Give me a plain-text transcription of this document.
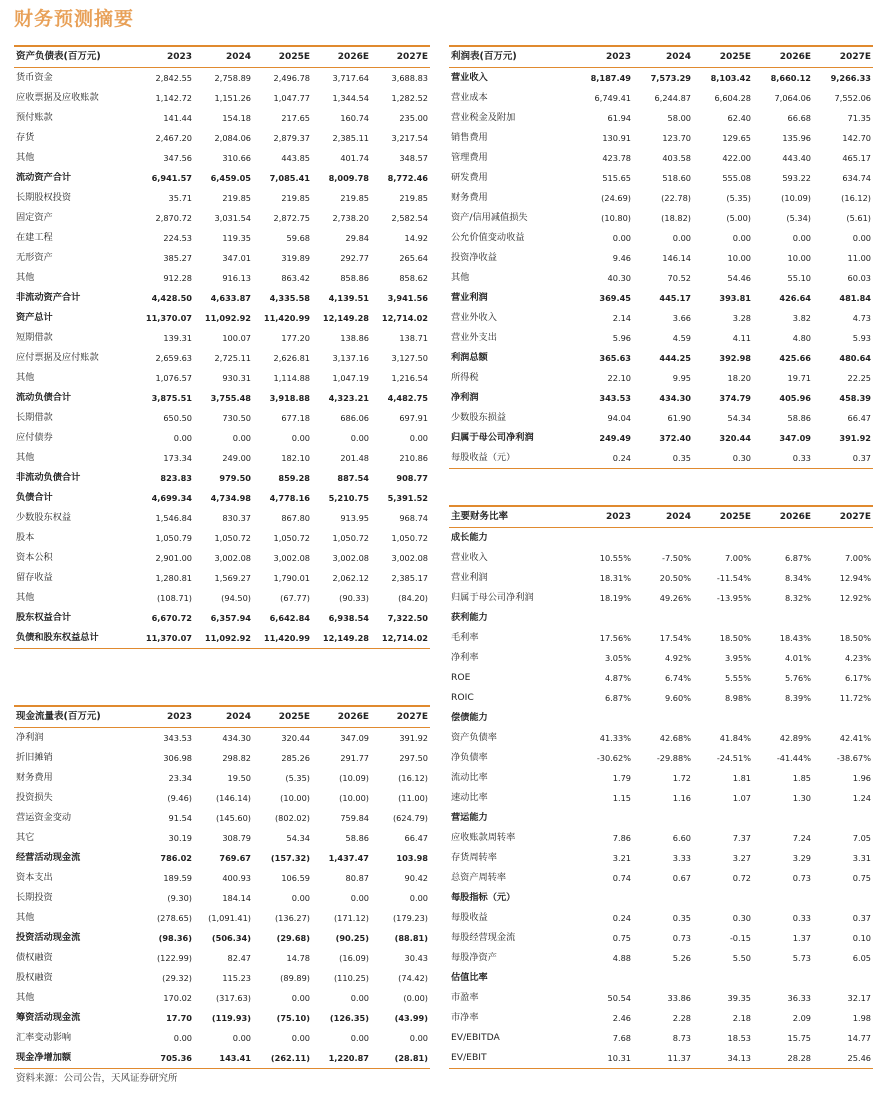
财务预测摘要
资产负债表(百万元)	2023	2024	2025E	2026E	2027E
货币资金	2,842.55	2,758.89	2,496.78	3,717.64	3,688.83
应收票据及应收账款	1,142.72	1,151.26	1,047.77	1,344.54	1,282.52
预付账款	141.44	154.18	217.65	160.74	235.00
存货	2,467.20	2,084.06	2,879.37	2,385.11	3,217.54
其他	347.56	310.66	443.85	401.74	348.57
流动资产合计	6,941.57	6,459.05	7,085.41	8,009.78	8,772.46
长期股权投资	35.71	219.85	219.85	219.85	219.85
固定资产	2,870.72	3,031.54	2,872.75	2,738.20	2,582.54
在建工程	224.53	119.35	59.68	29.84	14.92
无形资产	385.27	347.01	319.89	292.77	265.64
其他	912.28	916.13	863.42	858.86	858.62
非流动资产合计	4,428.50	4,633.87	4,335.58	4,139.51	3,941.56
资产总计	11,370.07	11,092.92	11,420.99	12,149.28	12,714.02
短期借款	139.31	100.07	177.20	138.86	138.71
应付票据及应付账款	2,659.63	2,725.11	2,626.81	3,137.16	3,127.50
其他	1,076.57	930.31	1,114.88	1,047.19	1,216.54
流动负债合计	3,875.51	3,755.48	3,918.88	4,323.21	4,482.75
长期借款	650.50	730.50	677.18	686.06	697.91
应付债券	0.00	0.00	0.00	0.00	0.00
其他	173.34	249.00	182.10	201.48	210.86
非流动负债合计	823.83	979.50	859.28	887.54	908.77
负债合计	4,699.34	4,734.98	4,778.16	5,210.75	5,391.52
少数股东权益	1,546.84	830.37	867.80	913.95	968.74
股本	1,050.79	1,050.72	1,050.72	1,050.72	1,050.72
资本公积	2,901.00	3,002.08	3,002.08	3,002.08	3,002.08
留存收益	1,280.81	1,569.27	1,790.01	2,062.12	2,385.17
其他	(108.71)	(94.50)	(67.77)	(90.33)	(84.20)
股东权益合计	6,670.72	6,357.94	6,642.84	6,938.54	7,322.50
负债和股东权益总计	11,370.07	11,092.92	11,420.99	12,149.28	12,714.02
利润表(百万元)	2023	2024	2025E	2026E	2027E
营业收入	8,187.49	7,573.29	8,103.42	8,660.12	9,266.33
营业成本	6,749.41	6,244.87	6,604.28	7,064.06	7,552.06
营业税金及附加	61.94	58.00	62.40	66.68	71.35
销售费用	130.91	123.70	129.65	135.96	142.70
管理费用	423.78	403.58	422.00	443.40	465.17
研发费用	515.65	518.60	555.08	593.22	634.74
财务费用	(24.69)	(22.78)	(5.35)	(10.09)	(16.12)
资产/信用减值损失	(10.80)	(18.82)	(5.00)	(5.34)	(5.61)
公允价值变动收益	0.00	0.00	0.00	0.00	0.00
投资净收益	9.46	146.14	10.00	10.00	11.00
其他	40.30	70.52	54.46	55.10	60.03
营业利润	369.45	445.17	393.81	426.64	481.84
营业外收入	2.14	3.66	3.28	3.82	4.73
营业外支出	5.96	4.59	4.11	4.80	5.93
利润总额	365.63	444.25	392.98	425.66	480.64
所得税	22.10	9.95	18.20	19.71	22.25
净利润	343.53	434.30	374.79	405.96	458.39
少数股东损益	94.04	61.90	54.34	58.86	66.47
归属于母公司净利润	249.49	372.40	320.44	347.09	391.92
每股收益（元）	0.24	0.35	0.30	0.33	0.37
现金流量表(百万元)	2023	2024	2025E	2026E	2027E
净利润	343.53	434.30	320.44	347.09	391.92
折旧摊销	306.98	298.82	285.26	291.77	297.50
财务费用	23.34	19.50	(5.35)	(10.09)	(16.12)
投资损失	(9.46)	(146.14)	(10.00)	(10.00)	(11.00)
营运资金变动	91.54	(145.60)	(802.02)	759.84	(624.79)
其它	30.19	308.79	54.34	58.86	66.47
经营活动现金流	786.02	769.67	(157.32)	1,437.47	103.98
资本支出	189.59	400.93	106.59	80.87	90.42
长期投资	(9.30)	184.14	0.00	0.00	0.00
其他	(278.65)	(1,091.41)	(136.27)	(171.12)	(179.23)
投资活动现金流	(98.36)	(506.34)	(29.68)	(90.25)	(88.81)
债权融资	(122.99)	82.47	14.78	(16.09)	30.43
股权融资	(29.32)	115.23	(89.89)	(110.25)	(74.42)
其他	170.02	(317.63)	0.00	0.00	(0.00)
筹资活动现金流	17.70	(119.93)	(75.10)	(126.35)	(43.99)
汇率变动影响	0.00	0.00	0.00	0.00	0.00
现金净增加额	705.36	143.41	(262.11)	1,220.87	(28.81)
主要财务比率	2023	2024	2025E	2026E	2027E
成长能力					
营业收入	10.55%	-7.50%	7.00%	6.87%	7.00%
营业利润	18.31%	20.50%	-11.54%	8.34%	12.94%
归属于母公司净利润	18.19%	49.26%	-13.95%	8.32%	12.92%
获利能力					
毛利率	17.56%	17.54%	18.50%	18.43%	18.50%
净利率	3.05%	4.92%	3.95%	4.01%	4.23%
ROE	4.87%	6.74%	5.55%	5.76%	6.17%
ROIC	6.87%	9.60%	8.98%	8.39%	11.72%
偿债能力					
资产负债率	41.33%	42.68%	41.84%	42.89%	42.41%
净负债率	-30.62%	-29.88%	-24.51%	-41.44%	-38.67%
流动比率	1.79	1.72	1.81	1.85	1.96
速动比率	1.15	1.16	1.07	1.30	1.24
营运能力					
应收账款周转率	7.86	6.60	7.37	7.24	7.05
存货周转率	3.21	3.33	3.27	3.29	3.31
总资产周转率	0.74	0.67	0.72	0.73	0.75
每股指标（元）					
每股收益	0.24	0.35	0.30	0.33	0.37
每股经营现金流	0.75	0.73	-0.15	1.37	0.10
每股净资产	4.88	5.26	5.50	5.73	6.05
估值比率					
市盈率	50.54	33.86	39.35	36.33	32.17
市净率	2.46	2.28	2.18	2.09	1.98
EV/EBITDA	7.68	8.73	18.53	15.75	14.77
EV/EBIT	10.31	11.37	34.13	28.28	25.46
资料来源：公司公告，天风证券研究所
